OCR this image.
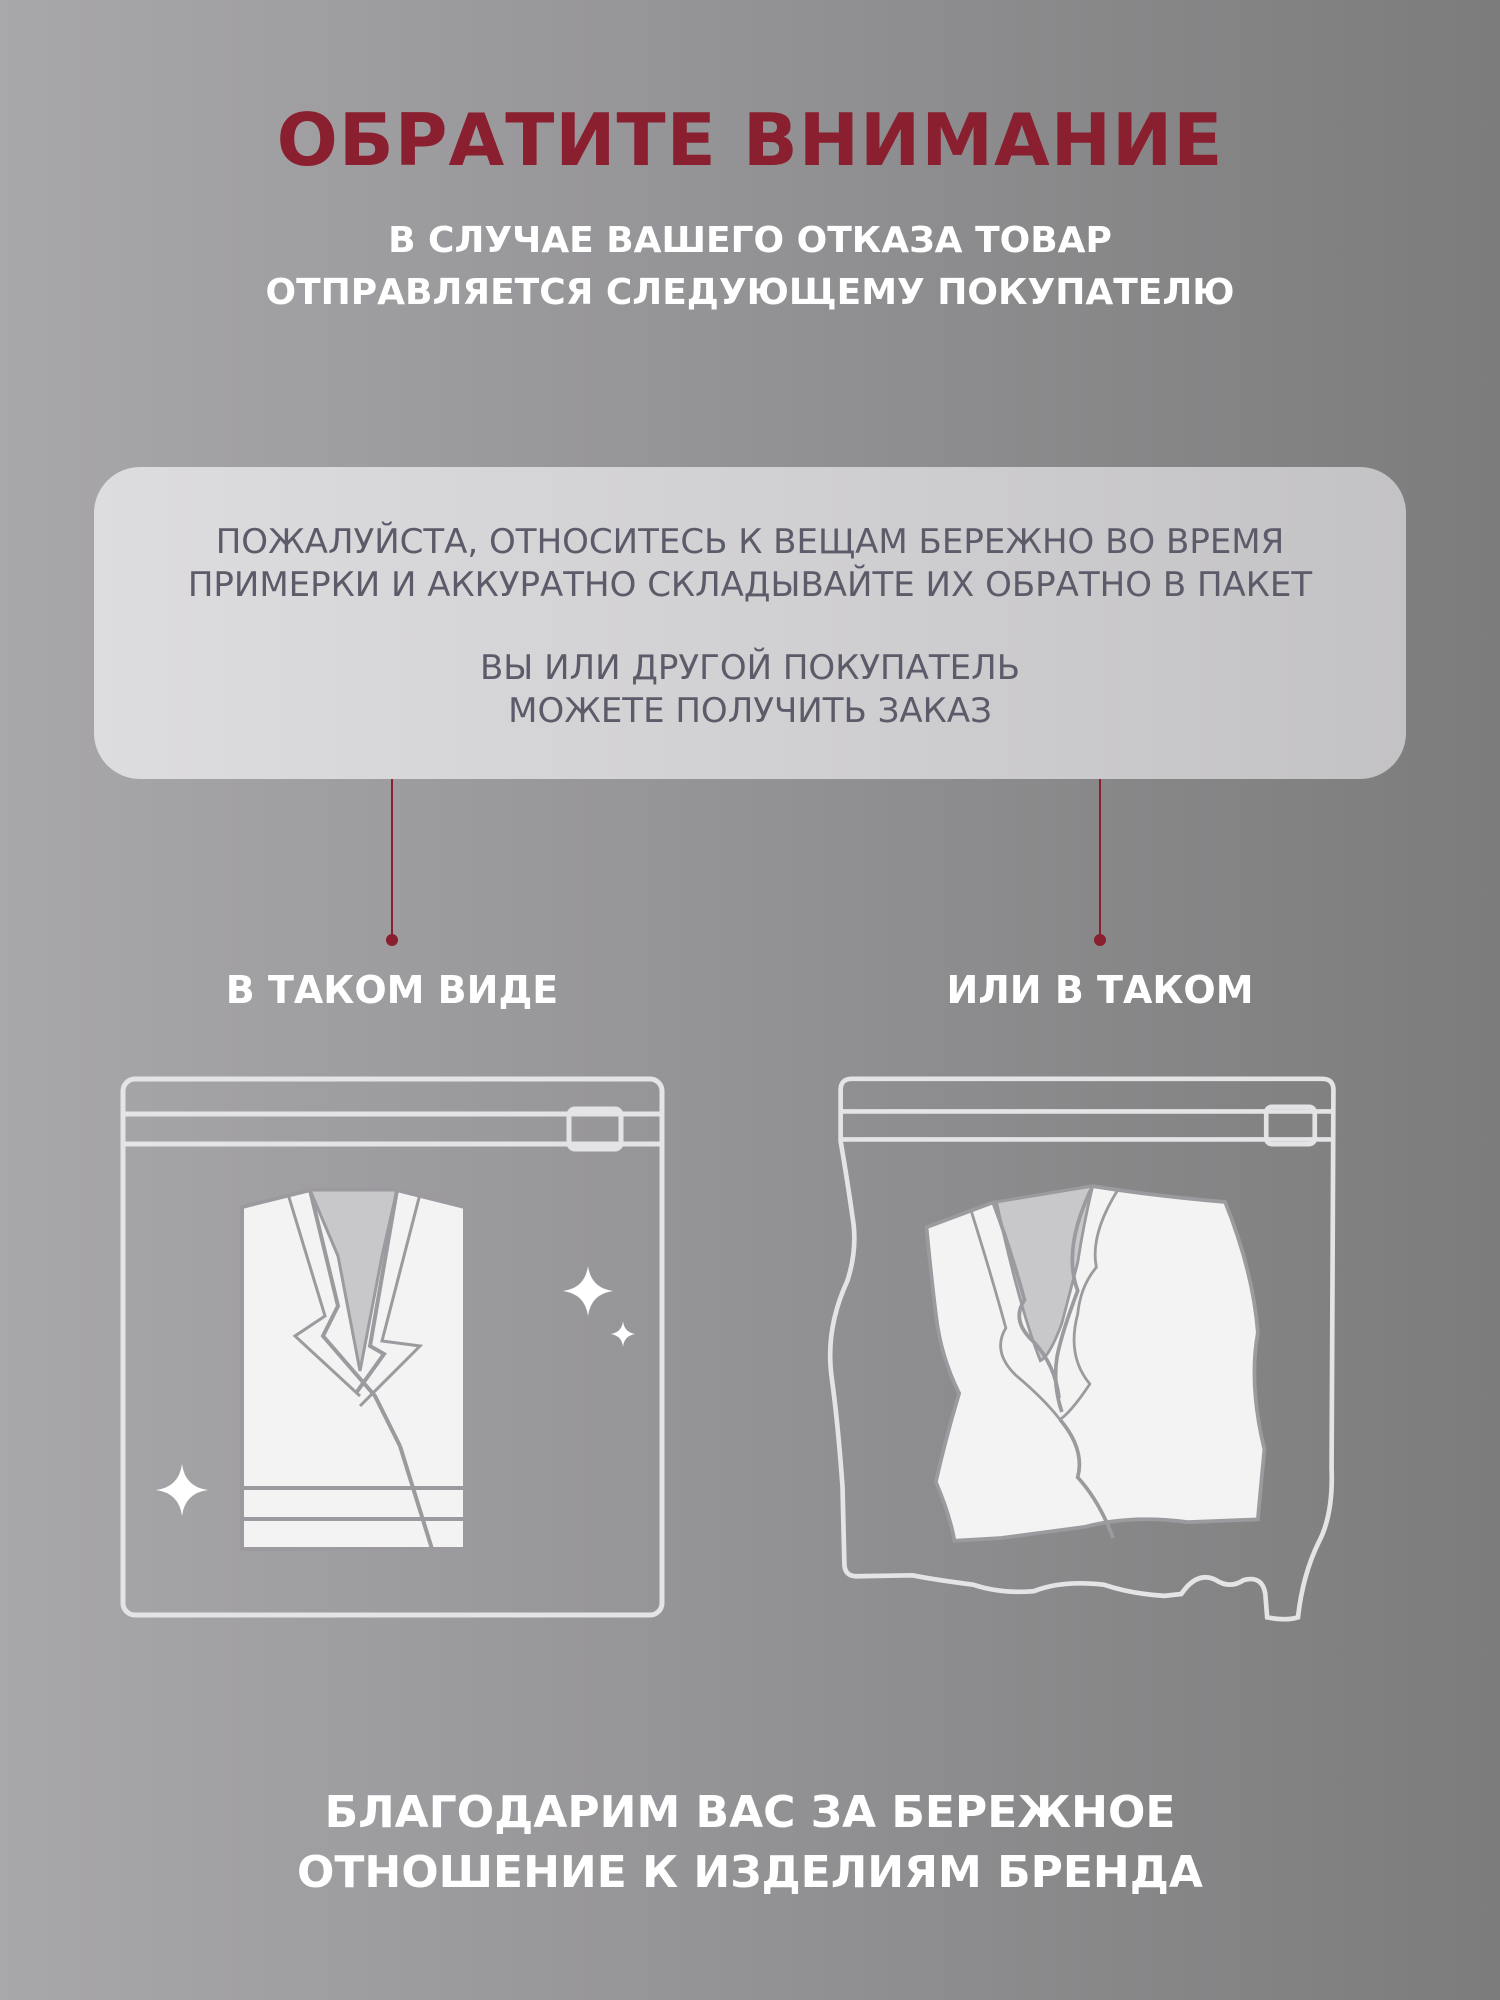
ОБРАТИТЕ ВНИМАНИЕ
В СЛУЧАЕ ВАШЕГО ОТКАЗА ТОВАР
ОТПРАВЛЯЕТСЯ СЛЕДУЮЩЕМУ ПОКУПАТЕЛЮ
ПОЖАЛУЙСТА, ОТНОСИТЕСЬ К ВЕЩАМ БЕРЕЖНО ВО ВРЕМЯ
ПРИМЕРКИ И АККУРАТНО СКЛАДЫВАЙТЕ ИХ ОБРАТНО В ПАКЕТ
ВЫ ИЛИ ДРУГОЙ ПОКУПАТЕЛЬ
МОЖЕТЕ ПОЛУЧИТЬ ЗАКАЗ
В ТАКОМ ВИДЕ	ИЛИ В ТАКОМ
БЛАГОДАРИМ ВАС ЗА БЕРЕЖНОЕ
ОТНОШЕНИЕ К ИЗДЕЛИЯМ БРЕНДА
